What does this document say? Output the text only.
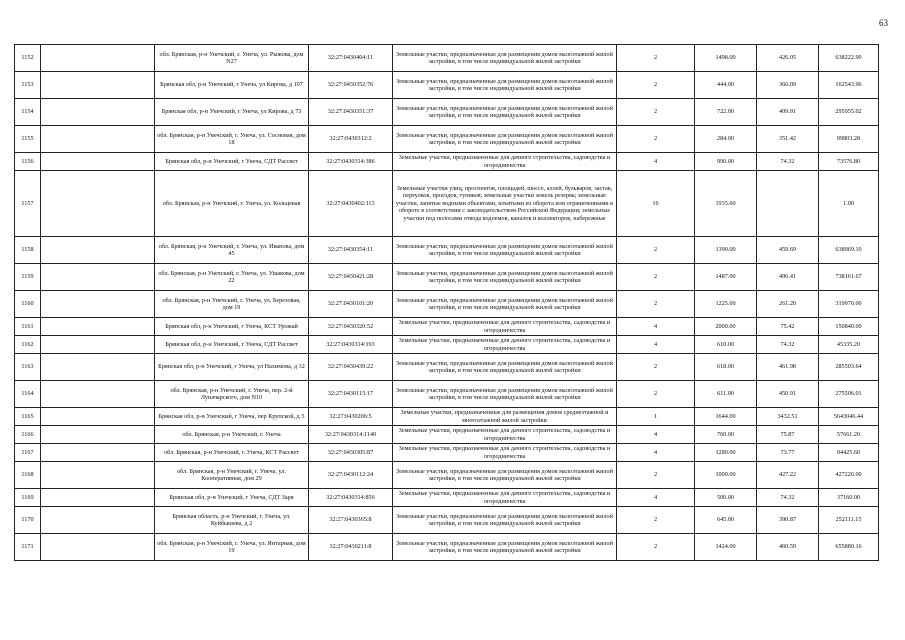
63
1152		обл. Брянская, р-н Унечский, г. Унеча, ул. Рыжова, дом N27	32:27:0430404:11	Земельные участки, предназначенные для размещения домов малоэтажной жилой застройки, в том числе индивидуальной жилой застройки	2	1498.00	426.05	638222.90
1153		Брянская обл, р-н Унечский, г Унеча, ул Кирова, д 107	32:27:0430352:76	Земельные участки, предназначенные для размещения домов малоэтажной жилой застройки, в том числе индивидуальной жилой застройки	2	444.00	366.09	162543.96
1154		Брянская обл, р-н Унечский, г Унеча, ул Кирова, д 73	32:27:0430351:37	Земельные участки, предназначенные для размещения домов малоэтажной жилой застройки, в том числе индивидуальной жилой застройки	2	722.00	409.91	295955.02
1155		обл. Брянская, р-н Унечский, г. Унеча, ул. Сосновая, дом 18	32:27:0430312:2	Земельные участки, предназначенные для размещения домов малоэтажной жилой застройки, в том числе индивидуальной жилой застройки	2	284.00	351.42	99803.28
1156		Брянская обл, р-н Унечский, г Унеча, СДТ Рассвет	32:27:0430314:386	Земельные участки, предназначенные для дачного строительства, садоводства и огородничества	4	990.00	74.32	73576.80
1157		обл. Брянская, р-н Унечский, г. Унеча, ул. Кольцевая	32:27:0430402:113	Земельные участки улиц, проспектов, площадей, шоссе, аллей, бульваров, застав, переулков, проездов, тупиков; земельные участки земель резерва; земельные участки, занятые водными объектами, изъятыми из оборота или ограниченными в обороте в соответствии с законодательством Российской Федерации; земельные участки под полосами отвода водоемов, каналов и коллекторов, набережные	16	1935.00		1.00
1158		обл. Брянская, р-н Унечский, г. Унеча, ул. Иванова, дом 45	32:27:0430354:11	Земельные участки, предназначенные для размещения домов малоэтажной жилой застройки, в том числе индивидуальной жилой застройки	2	1390.00	459.69	638969.10
1159		обл. Брянская, р-н Унечский, г. Унеча, ул. Ушакова, дом 22	32:27:0430421:28	Земельные участки, предназначенные для размещения домов малоэтажной жилой застройки, в том числе индивидуальной жилой застройки	2	1487.00	496.41	738161.67
1160		обл. Брянская, р-н Унечский, г. Унеча, ул. Березовая, дом 19	32:27:0430101:20	Земельные участки, предназначенные для размещения домов малоэтажной жилой застройки, в том числе индивидуальной жилой застройки	2	1225.00	261.20	319970.00
1161		Брянская обл, р-н Унечский, г Унеча, КСТ Урожай	32:27:0430320:52	Земельные участки, предназначенные для дачного строительства, садоводства и огородничества	4	2000.00	75.42	150840.00
1162		Брянская обл, р-н Унечский, г Унеча, СДТ Рассвет	32:27:0430314:193	Земельные участки, предназначенные для дачного строительства, садоводства и огородничества	4	610.00	74.32	45335.20
1163		Брянская обл, р-н Унечский, г Унеча, ул Нахимова, д 32	32:27:0430439:22	Земельные участки, предназначенные для размещения домов малоэтажной жилой застройки, в том числе индивидуальной жилой застройки	2	618.00	461.98	285503.64
1164		обл. Брянская, р-н Унечский, г. Унеча, пер. 2-й Луначарского, дом N10	32:27:0430115:17	Земельные участки, предназначенные для размещения домов малоэтажной жилой застройки, в том числе индивидуальной жилой застройки	2	611.00	450.91	275506.01
1165		Брянская обл, р-н Унечский, г Унеча, пер Крупской, д 5	32:27:0430206:5	Земельные участки, предназначенные для размещения домов среднеэтажной и многоэтажной жилой застройки	1	1644.00	3432.51	5643046.44
1166		обл. Брянская, р-н Унечский, г. Унеча	32:27:0430314:1140	Земельные участки, предназначенные для дачного строительства, садоводства и огородничества	4	760.00	75.87	57661.20
1167		обл. Брянская, р-н Унечский, г. Унеча, КСТ Рассвет	32:27:0430305:87	Земельные участки, предназначенные для дачного строительства, садоводства и огородничества	4	1280.00	73.77	94425.60
1168		обл. Брянская, р-н Унечский, г. Унеча, ул. Кооперативная, дом 29	32:27:0430112:24	Земельные участки, предназначенные для размещения домов малоэтажной жилой застройки, в том числе индивидуальной жилой застройки	2	1000.00	427.22	427220.00
1169		Брянская обл, р-н Унечский, г Унеча, СДТ Заря	32:27:0430314:856	Земельные участки, предназначенные для дачного строительства, садоводства и огородничества	4	500.00	74.32	37160.00
1170		Брянская область, р-н Унечский, г. Унеча, ул. Куйбышева, д 2	32:27:0430365:8	Земельные участки, предназначенные для размещения домов малоэтажной жилой застройки, в том числе индивидуальной жилой застройки	2	645.00	390.87	252111.15
1171		обл. Брянская, р-н Унечский, г. Унеча, ул. Янтарная, дом 19	32:27:0430211:8	Земельные участки, предназначенные для размещения домов малоэтажной жилой застройки, в том числе индивидуальной жилой застройки	2	1424.00	460.59	655880.16
